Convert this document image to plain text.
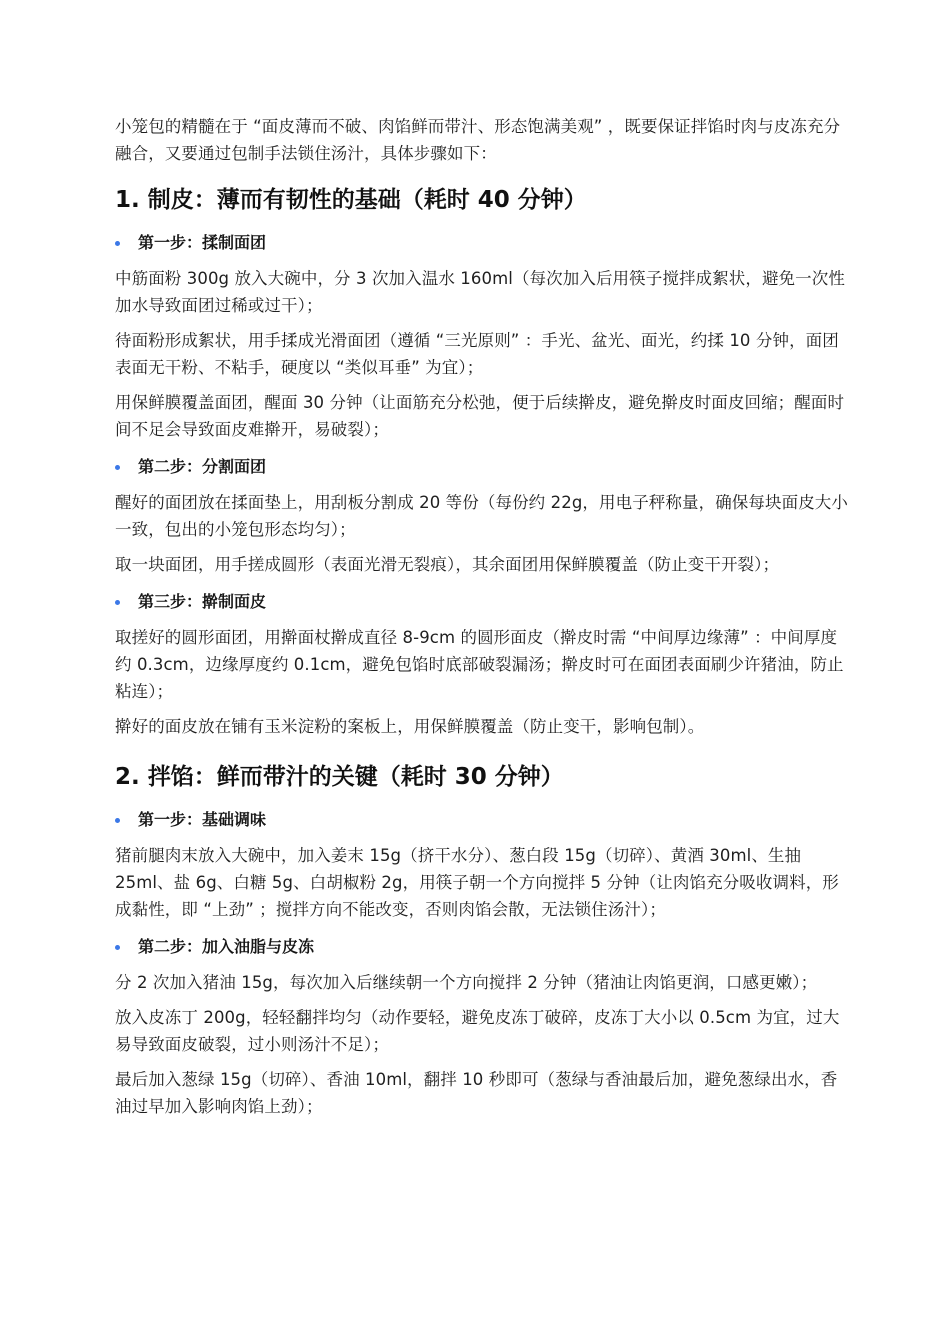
小笼包的精髓在于 “面皮薄而不破、肉馅鲜而带汁、形态饱满美观” ，既要保证拌馅时肉与皮冻充分融合，又要通过包制手法锁住汤汁，具体步骤如下：

1. 制皮：薄而有韧性的基础（耗时 40 分钟）
第一步：揉制面团

中筋面粉 300g 放入大碗中，分 3 次加入温水 160ml（每次加入后用筷子搅拌成絮状，避免一次性加水导致面团过稀或过干）；

待面粉形成絮状，用手揉成光滑面团（遵循 “三光原则” ：手光、盆光、面光，约揉 10 分钟，面团表面无干粉、不粘手，硬度以 “类似耳垂” 为宜）；

用保鲜膜覆盖面团，醒面 30 分钟（让面筋充分松弛，便于后续擀皮，避免擀皮时面皮回缩；醒面时间不足会导致面皮难擀开，易破裂）；

第二步：分割面团

醒好的面团放在揉面垫上，用刮板分割成 20 等份（每份约 22g，用电子秤称量，确保每块面皮大小一致，包出的小笼包形态均匀）；

取一块面团，用手搓成圆形（表面光滑无裂痕），其余面团用保鲜膜覆盖（防止变干开裂）；

第三步：擀制面皮

取搓好的圆形面团，用擀面杖擀成直径 8-9cm 的圆形面皮（擀皮时需 “中间厚边缘薄” ：中间厚度约 0.3cm，边缘厚度约 0.1cm，避免包馅时底部破裂漏汤；擀皮时可在面团表面刷少许猪油，防止粘连）；

擀好的面皮放在铺有玉米淀粉的案板上，用保鲜膜覆盖（防止变干，影响包制）。

2. 拌馅：鲜而带汁的关键（耗时 30 分钟）
第一步：基础调味

猪前腿肉末放入大碗中，加入姜末 15g（挤干水分）、葱白段 15g（切碎）、黄酒 30ml、生抽 25ml、盐 6g、白糖 5g、白胡椒粉 2g，用筷子朝一个方向搅拌 5 分钟（让肉馅充分吸收调料，形成黏性，即 “上劲” ；搅拌方向不能改变，否则肉馅会散，无法锁住汤汁）；

第二步：加入油脂与皮冻

分 2 次加入猪油 15g，每次加入后继续朝一个方向搅拌 2 分钟（猪油让肉馅更润，口感更嫩）；

放入皮冻丁 200g，轻轻翻拌均匀（动作要轻，避免皮冻丁破碎，皮冻丁大小以 0.5cm 为宜，过大易导致面皮破裂，过小则汤汁不足）；

最后加入葱绿 15g（切碎）、香油 10ml，翻拌 10 秒即可（葱绿与香油最后加，避免葱绿出水，香油过早加入影响肉馅上劲）；
